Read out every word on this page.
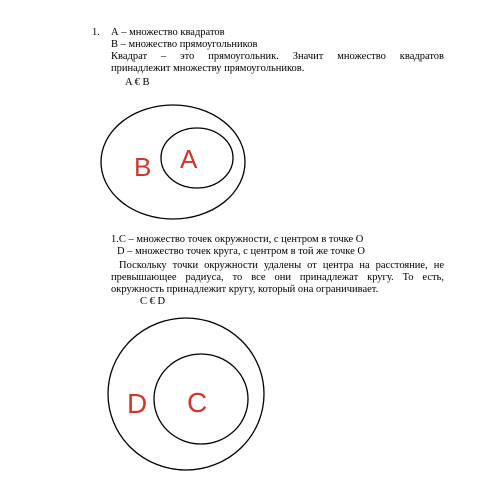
1. А – множество квадратов
В – множество прямоугольников
Квадрат – это прямоугольник. Значит множество квадратов
принадлежит множеству прямоугольников.
A € B
1.C – множество точек окружности, с центром в точке О
D – множество точек круга, с центром в той же точке О
Поскольку точки окружности удалены от центра на расстояние, не
превышающее радиуса, то все они принадлежат кругу. То есть,
окружность принадлежит кругу, который она ограничивает.
C € D
B A
D C
